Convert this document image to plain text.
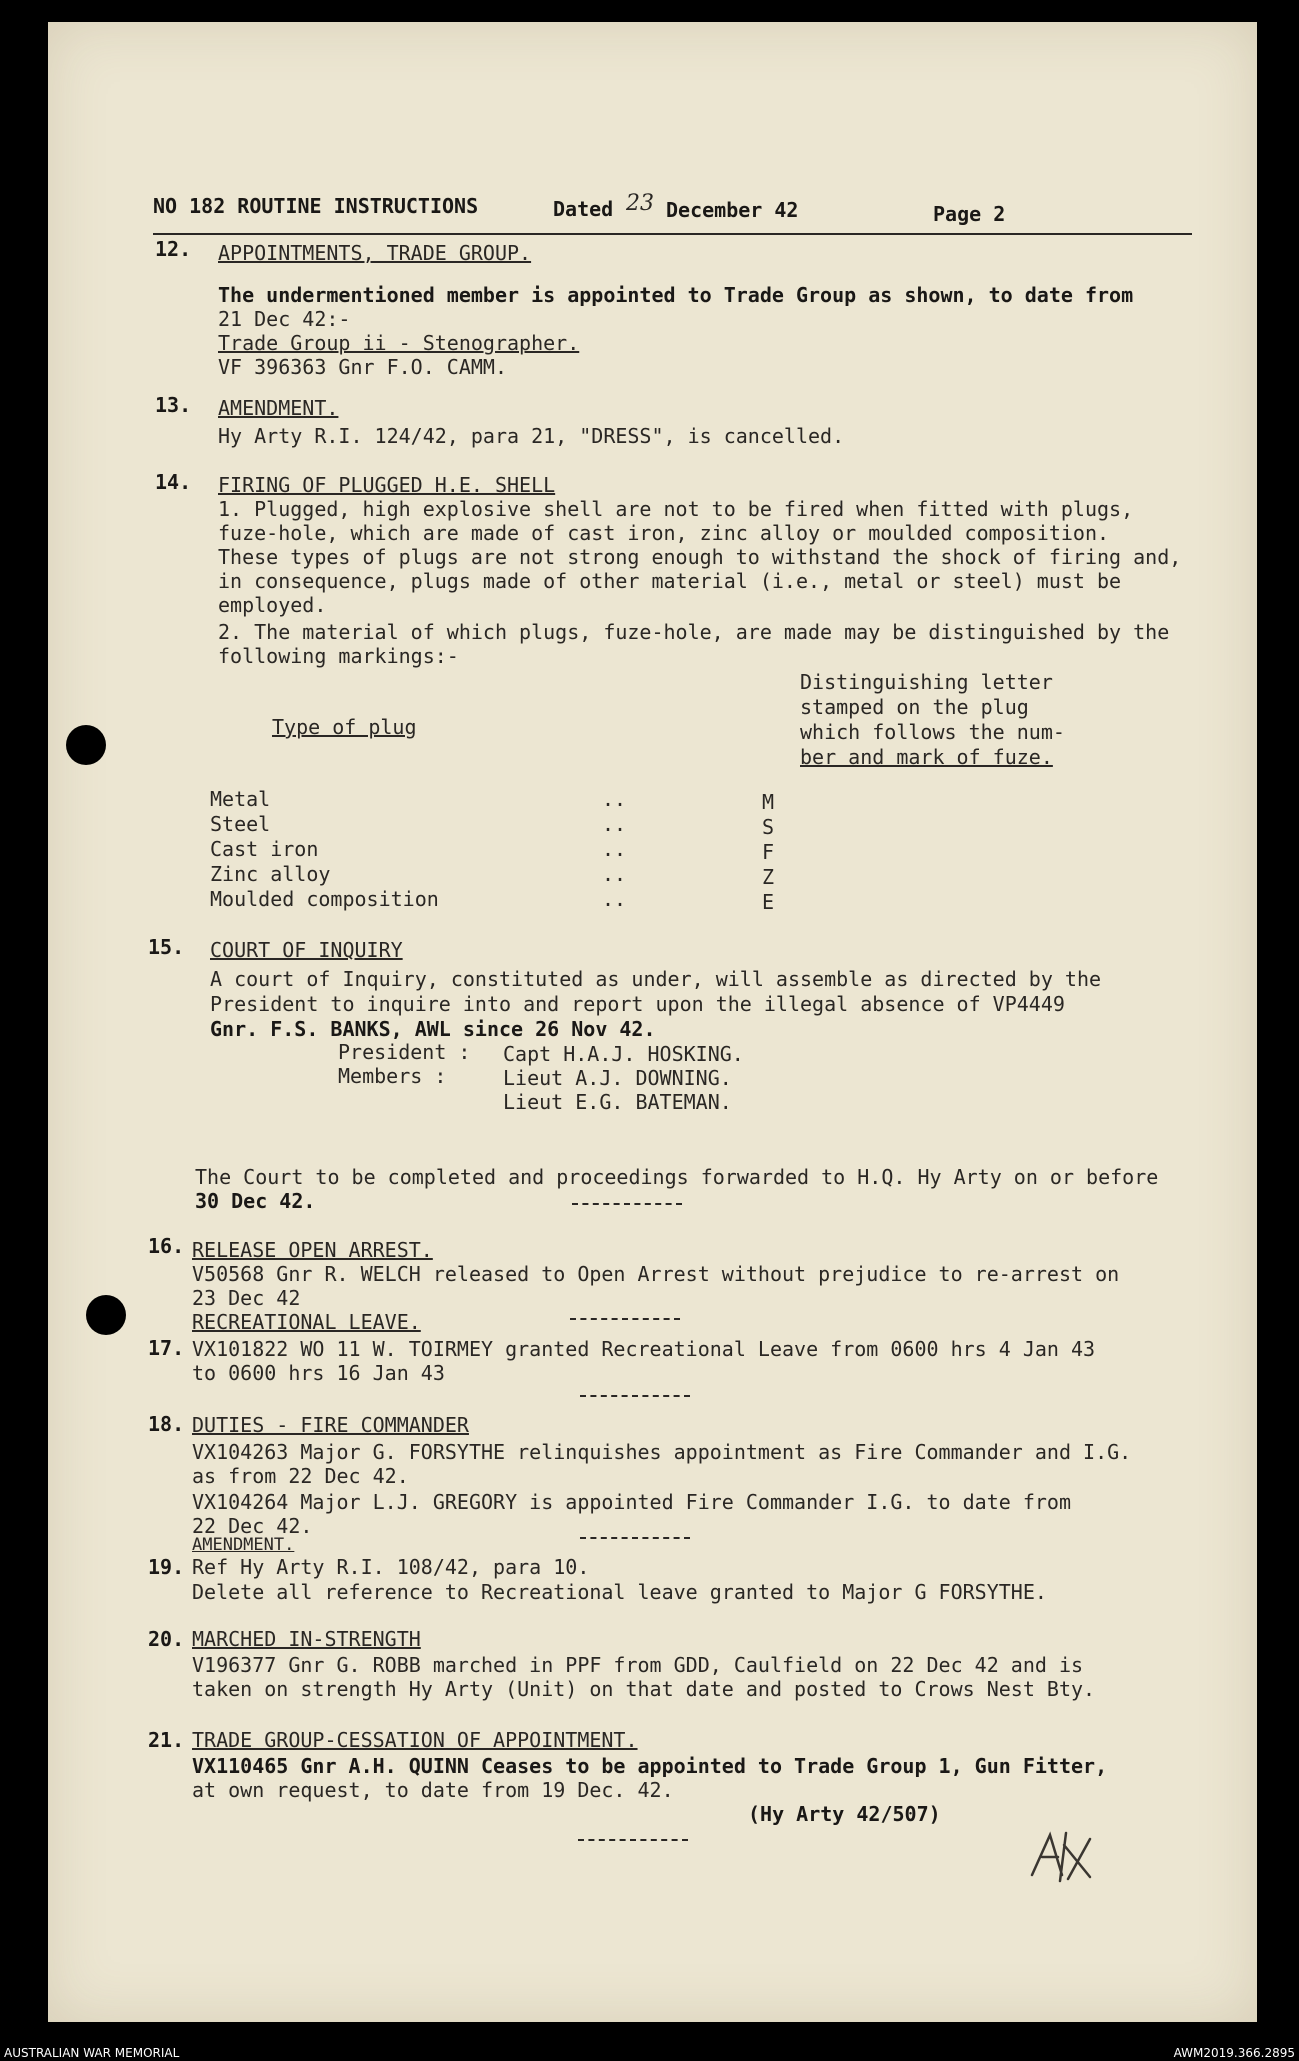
NO 182 ROUTINE INSTRUCTIONS	Dated 23 December 42	Page 2
12. APPOINTMENTS, TRADE GROUP.
The undermentioned member is appointed to Trade Group as shown, to date from
21 Dec 42:-
Trade Group ii - Stenographer.
VF 396363 Gnr F.O. CAMM.
13. AMENDMENT.
Hy Arty R.I. 124/42, para 21, "DRESS", is cancelled.
14. FIRING OF PLUGGED H.E. SHELL
1. Plugged, high explosive shell are not to be fired when fitted with plugs,
fuze-hole, which are made of cast iron, zinc alloy or moulded composition.
These types of plugs are not strong enough to withstand the shock of firing and,
in consequence, plugs made of other material (i.e., metal or steel) must be
employed.
2. The material of which plugs, fuze-hole, are made may be distinguished by the
following markings:-
Distinguishing letter
stamped on the plug
Type of plug	which follows the num-
ber and mark of fuze.
Metal	..	M
Steel	..	S
Cast iron	..	F
Zinc alloy	..	Z
Moulded composition	..	E
15. COURT OF INQUIRY
A court of Inquiry, constituted as under, will assemble as directed by the
President to inquire into and report upon the illegal absence of VP4449
Gnr. F.S. BANKS, AWL since 26 Nov 42.
President : Capt H.A.J. HOSKING.
Members :	Lieut A.J. DOWNING.
Lieut E.G. BATEMAN.
The Court to be completed and proceedings forwarded to H.Q. Hy Arty on or before
30 Dec 42.
16. RELEASE OPEN ARREST.
V50568 Gnr R. WELCH released to Open Arrest without prejudice to re-arrest on
23 Dec 42
RECREATIONAL LEAVE.
17. VX101822 WO 11 W. TOIRMEY granted Recreational Leave from 0600 hrs 4 Jan 43
to 0600 hrs 16 Jan 43
18. DUTIES - FIRE COMMANDER
VX104263 Major G. FORSYTHE relinquishes appointment as Fire Commander and I.G.
as from 22 Dec 42.
VX104264 Major L.J. GREGORY is appointed Fire Commander I.G. to date from
22 Dec 42.
AMENDMENT.
19. Ref Hy Arty R.I. 108/42, para 10.
Delete all reference to Recreational leave granted to Major G FORSYTHE.
20. MARCHED IN-STRENGTH
V196377 Gnr G. ROBB marched in PPF from GDD, Caulfield on 22 Dec 42 and is
taken on strength Hy Arty (Unit) on that date and posted to Crows Nest Bty.
21. TRADE GROUP-CESSATION OF APPOINTMENT.
VX110465 Gnr A.H. QUINN Ceases to be appointed to Trade Group 1, Gun Fitter,
at own request, to date from 19 Dec. 42.
(Hy Arty 42/507)
AUSTRALIAN WAR MEMORIAL	AWM2019.366.2895
